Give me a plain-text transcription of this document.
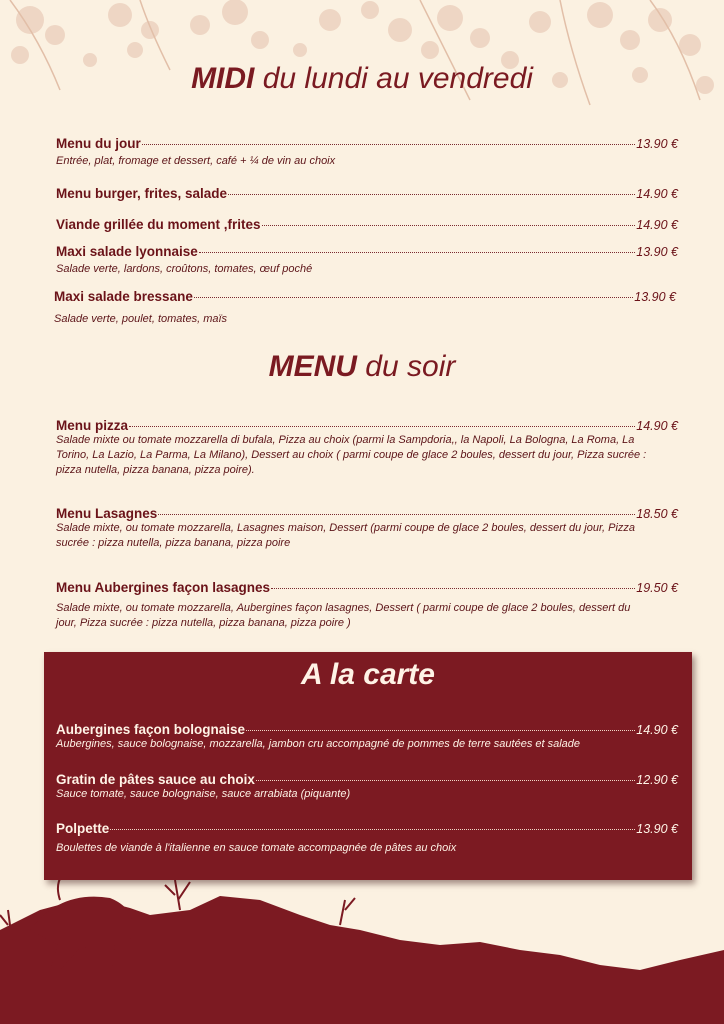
MIDI du lundi au vendredi
Menu du jour	13.90 €
Entrée, plat, fromage et dessert, café + ¼ de vin au choix
Menu burger, frites, salade	14.90 €
Viande grillée du moment ,frites	14.90 €
Maxi salade lyonnaise	13.90 €
Salade verte, lardons, croûtons, tomates, œuf poché
Maxi salade bressane	13.90 €
Salade verte, poulet, tomates, maïs
MENU du soir
Menu pizza	14.90 €
Salade mixte ou tomate mozzarella di bufala, Pizza au choix (parmi la Sampdoria,, la Napoli, La Bologna, La Roma, La Torino, La Lazio, La Parma, La Milano), Dessert au choix ( parmi coupe de glace 2 boules, dessert du jour, Pizza sucrée : pizza nutella, pizza banana, pizza poire).
Menu Lasagnes	18.50 €
Salade mixte, ou tomate mozzarella, Lasagnes maison, Dessert (parmi coupe de glace 2 boules, dessert du jour, Pizza sucrée : pizza nutella, pizza banana, pizza poire
Menu Aubergines façon lasagnes	19.50 €
Salade mixte, ou tomate mozzarella, Aubergines façon lasagnes, Dessert ( parmi coupe de glace 2 boules, dessert du jour, Pizza sucrée : pizza nutella, pizza banana, pizza poire )
A la carte
Aubergines façon bolognaise	14.90 €
Aubergines, sauce bolognaise, mozzarella, jambon cru accompagné de pommes de terre sautées et salade
Gratin de pâtes sauce au choix	12.90 €
Sauce tomate, sauce bolognaise, sauce arrabiata (piquante)
Polpette	13.90 €
Boulettes de viande à l'italienne en sauce tomate accompagnée de pâtes au choix
